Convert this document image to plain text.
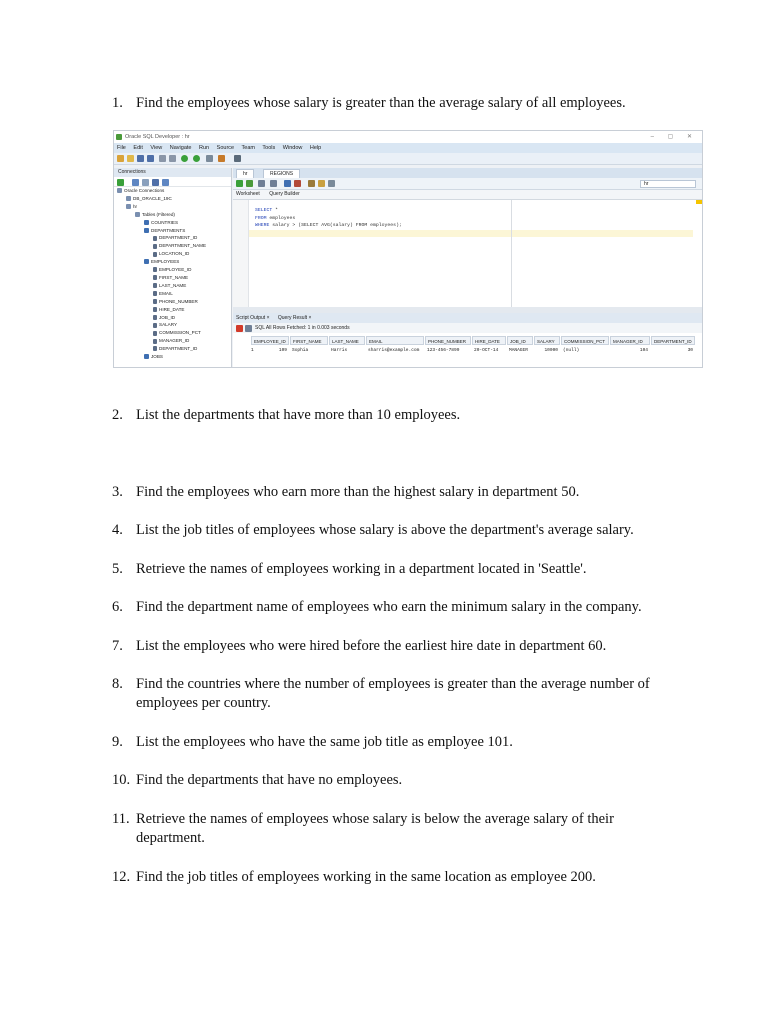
1. Find the employees whose salary is greater than the average salary of all employees.
Oracle SQL Developer : hr	– ▢ ✕
File Edit View Navigate Run Source Team Tools Window Help
Connections
Oracle Connections
DB_ORACLE_19C
hr
Tables (Filtered)
COUNTRIES
DEPARTMENTS
DEPARTMENT_ID
DEPARTMENT_NAME
LOCATION_ID
EMPLOYEES
EMPLOYEE_ID
FIRST_NAME
LAST_NAME
EMAIL
PHONE_NUMBER
HIRE_DATE
JOB_ID
SALARY
COMMISSION_PCT
MANAGER_ID
DEPARTMENT_ID
JOBS
hr	REGIONS
hr
Worksheet Query Builder
SELECT *
FROM employees
WHERE salary > (SELECT AVG(salary) FROM employees);
Script Output × Query Result ×
SQL All Rows Fetched: 1 in 0.003 seconds
EMPLOYEE_ID	FIRST_NAME	LAST_NAME	EMAIL	PHONE_NUMBER	HIRE_DATE	JOB_ID	SALARY	COMMISSION_PCT	MANAGER_ID	DEPARTMENT_ID
1	109	Sophia	Harris	sharris@example.com	123-456-7899	20-OCT-14	MANAGER	10000	(null)	104	30
2. List the departments that have more than 10 employees.
3. Find the employees who earn more than the highest salary in department 50.
4. List the job titles of employees whose salary is above the department's average salary.
5. Retrieve the names of employees working in a department located in 'Seattle'.
6. Find the department name of employees who earn the minimum salary in the company.
7. List the employees who were hired before the earliest hire date in department 60.
8. Find the countries where the number of employees is greater than the average number of employees per country.
9. List the employees who have the same job title as employee 101.
10. Find the departments that have no employees.
11. Retrieve the names of employees whose salary is below the average salary of their department.
12. Find the job titles of employees working in the same location as employee 200.
